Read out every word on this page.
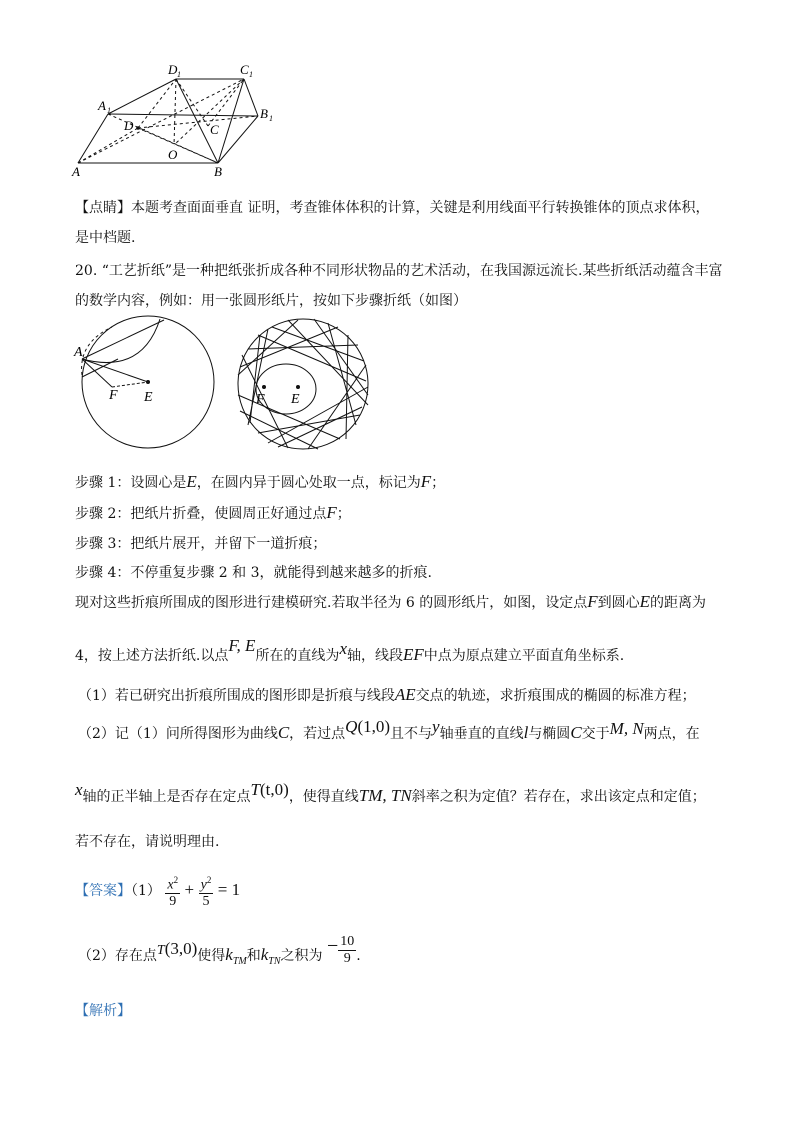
D 1	C 1
A 1	B 1
D	C
O
A	B
【点睛】本题考查面面垂直 证明，考查锥体体积的计算，关键是利用线面平行转换锥体的顶点求体积，
是中档题.
20. “工艺折纸”是一种把纸张折成各种不同形状物品的艺术活动，在我国源远流长.某些折纸活动蕴含丰富
的数学内容，例如：用一张圆形纸片，按如下步骤折纸（如图）
A
F E	F E
步骤 1：设圆心是E，在圆内异于圆心处取一点，标记为F；
步骤 2：把纸片折叠，使圆周正好通过点F；
步骤 3：把纸片展开，并留下一道折痕；
步骤 4：不停重复步骤 2 和 3，就能得到越来越多的折痕.
现对这些折痕所围成的图形进行建模研究.若取半径为 6 的圆形纸片，如图，设定点F到圆心E的距离为
4，按上述方法折纸.以点F, E所在的直线为x轴，线段EF中点为原点建立平面直角坐标系.
（1）若已研究出折痕所围成的图形即是折痕与线段AE交点的轨迹，求折痕围成的椭圆的标准方程；
（2）记（1）问所得图形为曲线C，若过点Q(1,0)且不与y轴垂直的直线l与椭圆C交于M, N两点，在
x轴的正半轴上是否存在定点T(t,0)，使得直线TM, TN斜率之积为定值？若存在，求出该定点和定值；
若不存在，请说明理由.
【答案】$(1) \frac{x^2}{9} + \frac{y^2}{5} = 1$
（2）存在点T(3,0)使得$k_{TM}$和$k_{TN}$之积为 − $\frac{10}{9}$ .
【解析】
